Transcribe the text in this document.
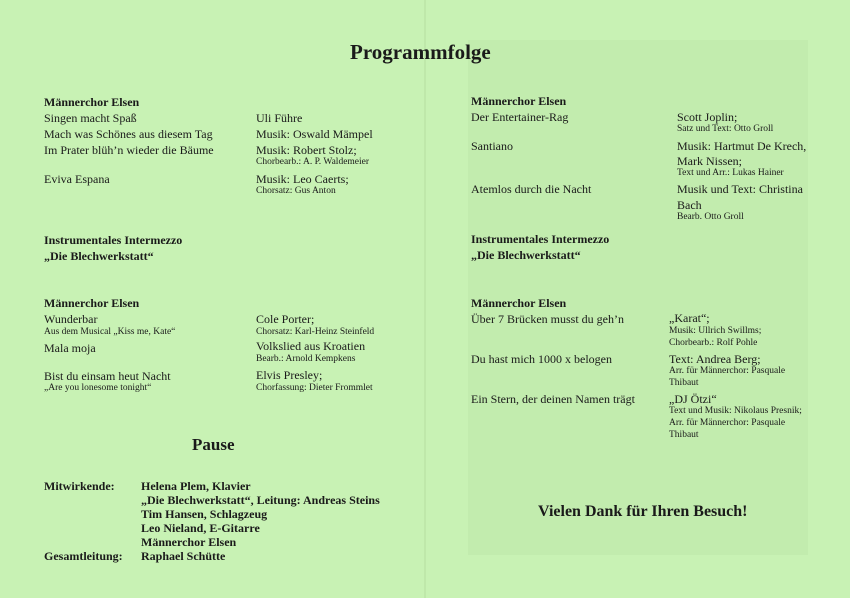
Programmfolge
Männerchor Elsen
Singen macht Spaß
Mach was Schönes aus diesem Tag
Im Prater blüh’n wieder die Bäume
Eviva Espana
Uli Führe
Musik: Oswald Mämpel
Musik: Robert Stolz;
Chorbearb.: A. P. Waldemeier
Musik: Leo Caerts;
Chorsatz: Gus Anton
Instrumentales Intermezzo
„Die Blechwerkstatt“
Männerchor Elsen
Wunderbar
Aus dem Musical „Kiss me, Kate“
Mala moja
Bist du einsam heut Nacht
„Are you lonesome tonight“
Cole Porter;
Chorsatz: Karl-Heinz Steinfeld
Volkslied aus Kroatien
Bearb.: Arnold Kempkens
Elvis Presley;
Chorfassung: Dieter Frommlet
Pause
Mitwirkende: Helena Plem, Klavier
„Die Blechwerkstatt“, Leitung: Andreas Steins
Tim Hansen, Schlagzeug
Leo Nieland, E-Gitarre
Männerchor Elsen
Gesamtleitung: Raphael Schütte
Männerchor Elsen
Der Entertainer-Rag
Santiano
Atemlos durch die Nacht
Scott Joplin;
Satz und Text: Otto Groll
Musik: Hartmut De Krech,
Mark Nissen;
Text und Arr.: Lukas Hainer
Musik und Text: Christina
Bach
Bearb. Otto Groll
Instrumentales Intermezzo
„Die Blechwerkstatt“
Männerchor Elsen
Über 7 Brücken musst du geh’n
Du hast mich 1000 x belogen
Ein Stern, der deinen Namen trägt
„Karat“;
Musik: Ullrich Swillms;
Chorbearb.: Rolf Pohle
Text: Andrea Berg;
Arr. für Männerchor: Pasquale
Thibaut
„DJ Ötzi“
Text und Musik: Nikolaus Presnik;
Arr. für Männerchor: Pasquale
Thibaut
Vielen Dank für Ihren Besuch!
